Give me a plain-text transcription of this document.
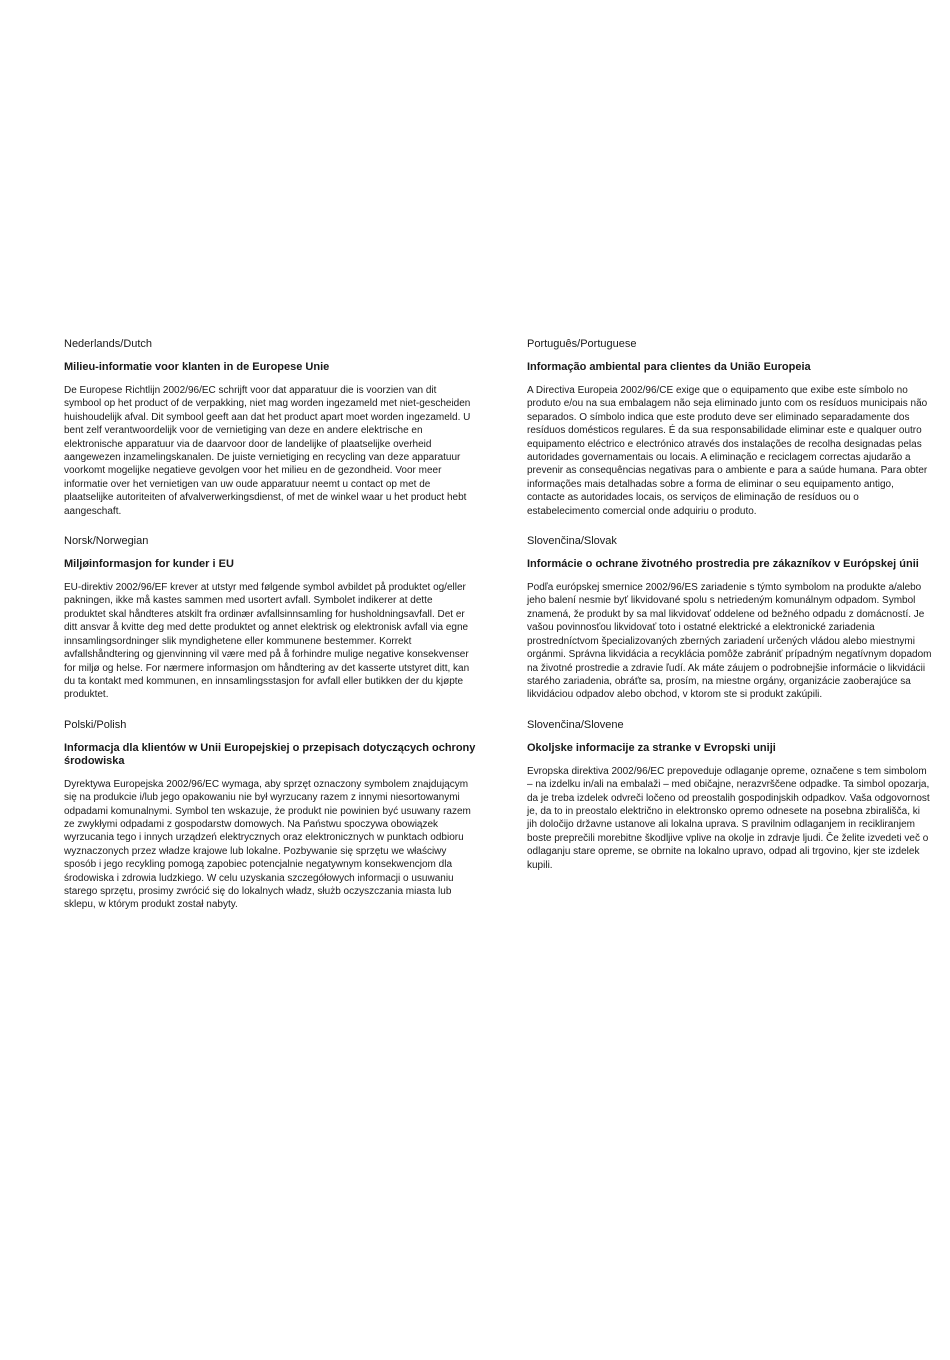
Nederlands/Dutch
Milieu-informatie voor klanten in de Europese Unie

De Europese Richtlijn 2002/96/EC schrijft voor dat apparatuur die is voorzien van dit symbool op het product of de verpakking, niet mag worden ingezameld met niet-gescheiden huishoudelijk afval. Dit symbool geeft aan dat het product apart moet worden ingezameld. U bent zelf verantwoordelijk voor de vernietiging van deze en andere elektrische en elektronische apparatuur via de daarvoor door de landelijke of plaatselijke overheid aangewezen inzamelingskanalen. De juiste vernietiging en recycling van deze apparatuur voorkomt mogelijke negatieve gevolgen voor het milieu en de gezondheid. Voor meer informatie over het vernietigen van uw oude apparatuur neemt u contact op met de plaatselijke autoriteiten of afvalverwerkingsdienst, of met de winkel waar u het product hebt aangeschaft.

Norsk/Norwegian
Miljøinformasjon for kunder i EU

EU-direktiv 2002/96/EF krever at utstyr med følgende symbol avbildet på produktet og/eller pakningen, ikke må kastes sammen med usortert avfall. Symbolet indikerer at dette produktet skal håndteres atskilt fra ordinær avfallsinnsamling for husholdningsavfall. Det er ditt ansvar å kvitte deg med dette produktet og annet elektrisk og elektronisk avfall via egne innsamlingsordninger slik myndighetene eller kommunene bestemmer. Korrekt avfallshåndtering og gjenvinning vil være med på å forhindre mulige negative konsekvenser for miljø og helse. For nærmere informasjon om håndtering av det kasserte utstyret ditt, kan du ta kontakt med kommunen, en innsamlingsstasjon for avfall eller butikken der du kjøpte produktet.

Polski/Polish
Informacja dla klientów w Unii Europejskiej o przepisach dotyczących ochrony środowiska

Dyrektywa Europejska 2002/96/EC wymaga, aby sprzęt oznaczony symbolem znajdującym się na produkcie i/lub jego opakowaniu nie był wyrzucany razem z innymi niesortowanymi odpadami komunalnymi. Symbol ten wskazuje, że produkt nie powinien być usuwany razem ze zwykłymi odpadami z gospodarstw domowych. Na Państwu spoczywa obowiązek wyrzucania tego i innych urządzeń elektrycznych oraz elektronicznych w punktach odbioru wyznaczonych przez władze krajowe lub lokalne. Pozbywanie się sprzętu we właściwy sposób i jego recykling pomogą zapobiec potencjalnie negatywnym konsekwencjom dla środowiska i zdrowia ludzkiego. W celu uzyskania szczegółowych informacji o usuwaniu starego sprzętu, prosimy zwrócić się do lokalnych władz, służb oczyszczania miasta lub sklepu, w którym produkt został nabyty.

Português/Portuguese
Informação ambiental para clientes da União Europeia

A Directiva Europeia 2002/96/CE exige que o equipamento que exibe este símbolo no produto e/ou na sua embalagem não seja eliminado junto com os resíduos municipais não separados. O símbolo indica que este produto deve ser eliminado separadamente dos resíduos domésticos regulares. É da sua responsabilidade eliminar este e qualquer outro equipamento eléctrico e electrónico através dos instalações de recolha designadas pelas autoridades governamentais ou locais. A eliminação e reciclagem correctas ajudarão a prevenir as consequências negativas para o ambiente e para a saúde humana. Para obter informações mais detalhadas sobre a forma de eliminar o seu equipamento antigo, contacte as autoridades locais, os serviços de eliminação de resíduos ou o estabelecimento comercial onde adquiriu o produto.

Slovenčina/Slovak
Informácie o ochrane životného prostredia pre zákazníkov v Európskej únii

Podľa európskej smernice 2002/96/ES zariadenie s týmto symbolom na produkte a/alebo jeho balení nesmie byť likvidované spolu s netriedeným komunálnym odpadom. Symbol znamená, že produkt by sa mal likvidovať oddelene od bežného odpadu z domácností. Je vašou povinnosťou likvidovať toto i ostatné elektrické a elektronické zariadenia prostredníctvom špecializovaných zberných zariadení určených vládou alebo miestnymi orgánmi. Správna likvidácia a recyklácia pomôže zabrániť prípadným negatívnym dopadom na životné prostredie a zdravie ľudí. Ak máte záujem o podrobnejšie informácie o likvidácii starého zariadenia, obráťte sa, prosím, na miestne orgány, organizácie zaoberajúce sa likvidáciou odpadov alebo obchod, v ktorom ste si produkt zakúpili.

Slovenčina/Slovene
Okoljske informacije za stranke v Evropski uniji

Evropska direktiva 2002/96/EC prepoveduje odlaganje opreme, označene s tem simbolom – na izdelku in/ali na embalaži – med običajne, nerazvrščene odpadke. Ta simbol opozarja, da je treba izdelek odvreči ločeno od preostalih gospodinjskih odpadkov. Vaša odgovornost je, da to in preostalo električno in elektronsko opremo odnesete na posebna zbirališča, ki jih določijo državne ustanove ali lokalna uprava. S pravilnim odlaganjem in recikliranjem boste preprečili morebitne škodljive vplive na okolje in zdravje ljudi. Če želite izvedeti več o odlaganju stare opreme, se obrnite na lokalno upravo, odpad ali trgovino, kjer ste izdelek kupili.
